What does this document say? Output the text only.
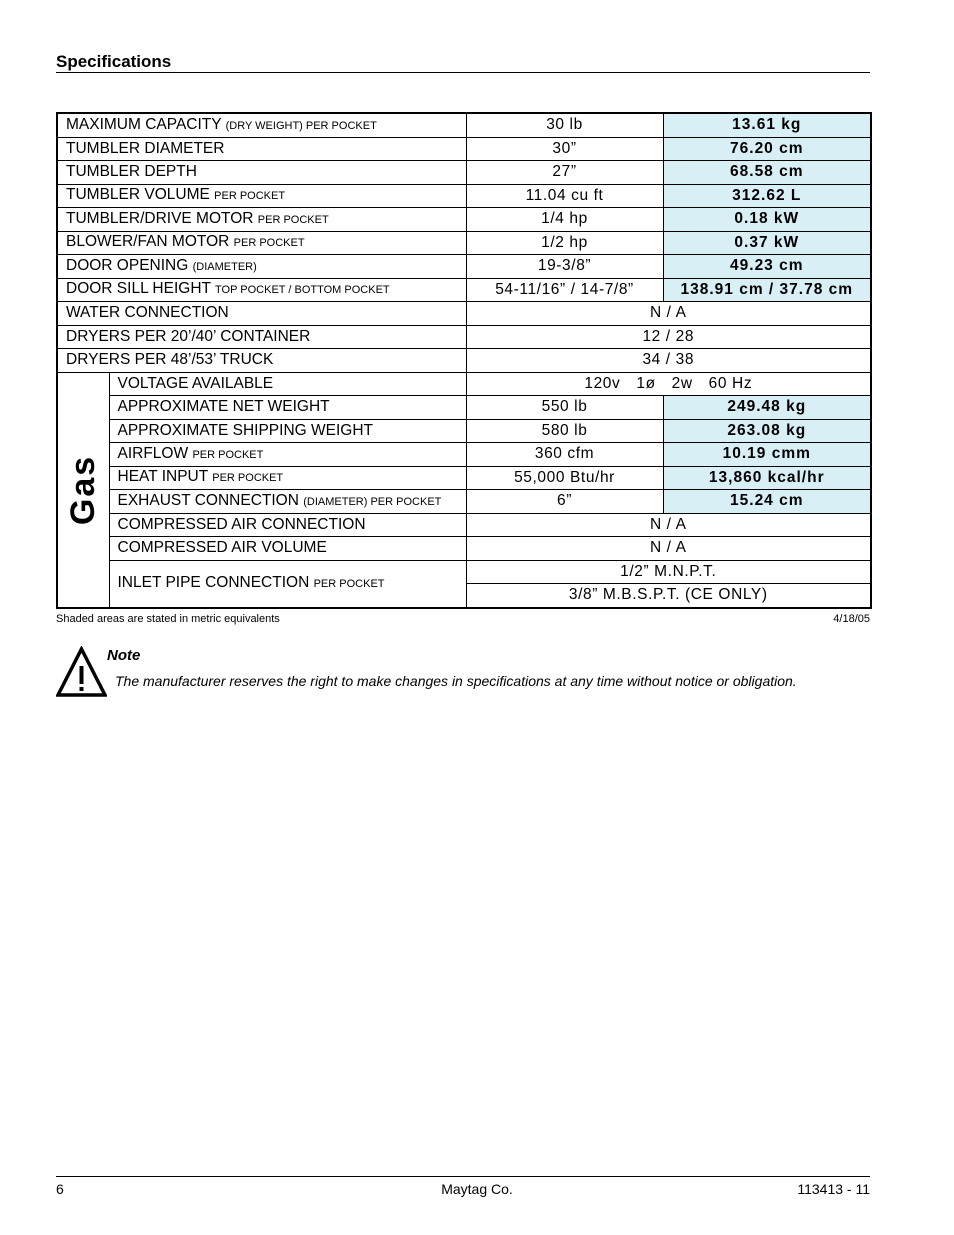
Specifications
MAXIMUM CAPACITY (DRY WEIGHT) PER POCKET		30 lb	13.61 kg
TUMBLER DIAMETER		30”	76.20 cm
TUMBLER DEPTH		27”	68.58 cm
TUMBLER VOLUME PER POCKET		11.04 cu ft	312.62 L
TUMBLER/DRIVE MOTOR PER POCKET		1/4 hp	0.18 kW
BLOWER/FAN MOTOR PER POCKET		1/2 hp	0.37 kW
DOOR OPENING (DIAMETER)		19-3/8”	49.23 cm
DOOR SILL HEIGHT TOP POCKET / BOTTOM POCKET		54-11/16” / 14-7/8”	138.91 cm / 37.78 cm
WATER CONNECTION		N / A	
DRYERS PER 20’/40’ CONTAINER		12 / 28	
DRYERS PER 48’/53’ TRUCK		34 / 38	

Gas	VOLTAGE AVAILABLE	120v 1ø 2w 60 Hz	
	APPROXIMATE NET WEIGHT	550 lb	249.48 kg
	APPROXIMATE SHIPPING WEIGHT	580 lb	263.08 kg
	AIRFLOW PER POCKET	360 cfm	10.19 cmm
	HEAT INPUT PER POCKET	55,000 Btu/hr	13,860 kcal/hr
	EXHAUST CONNECTION (DIAMETER) PER POCKET	6”	15.24 cm
	COMPRESSED AIR CONNECTION	N / A	
	COMPRESSED AIR VOLUME	N / A	
	INLET PIPE CONNECTION PER POCKET	1/2” M.N.P.T.	
		3/8” M.B.S.P.T. (CE ONLY)	
Shaded areas are stated in metric equivalents	4/18/05
Note
The manufacturer reserves the right to make changes in specifications at any time without notice or obligation.
6	Maytag Co.	113413 - 11
